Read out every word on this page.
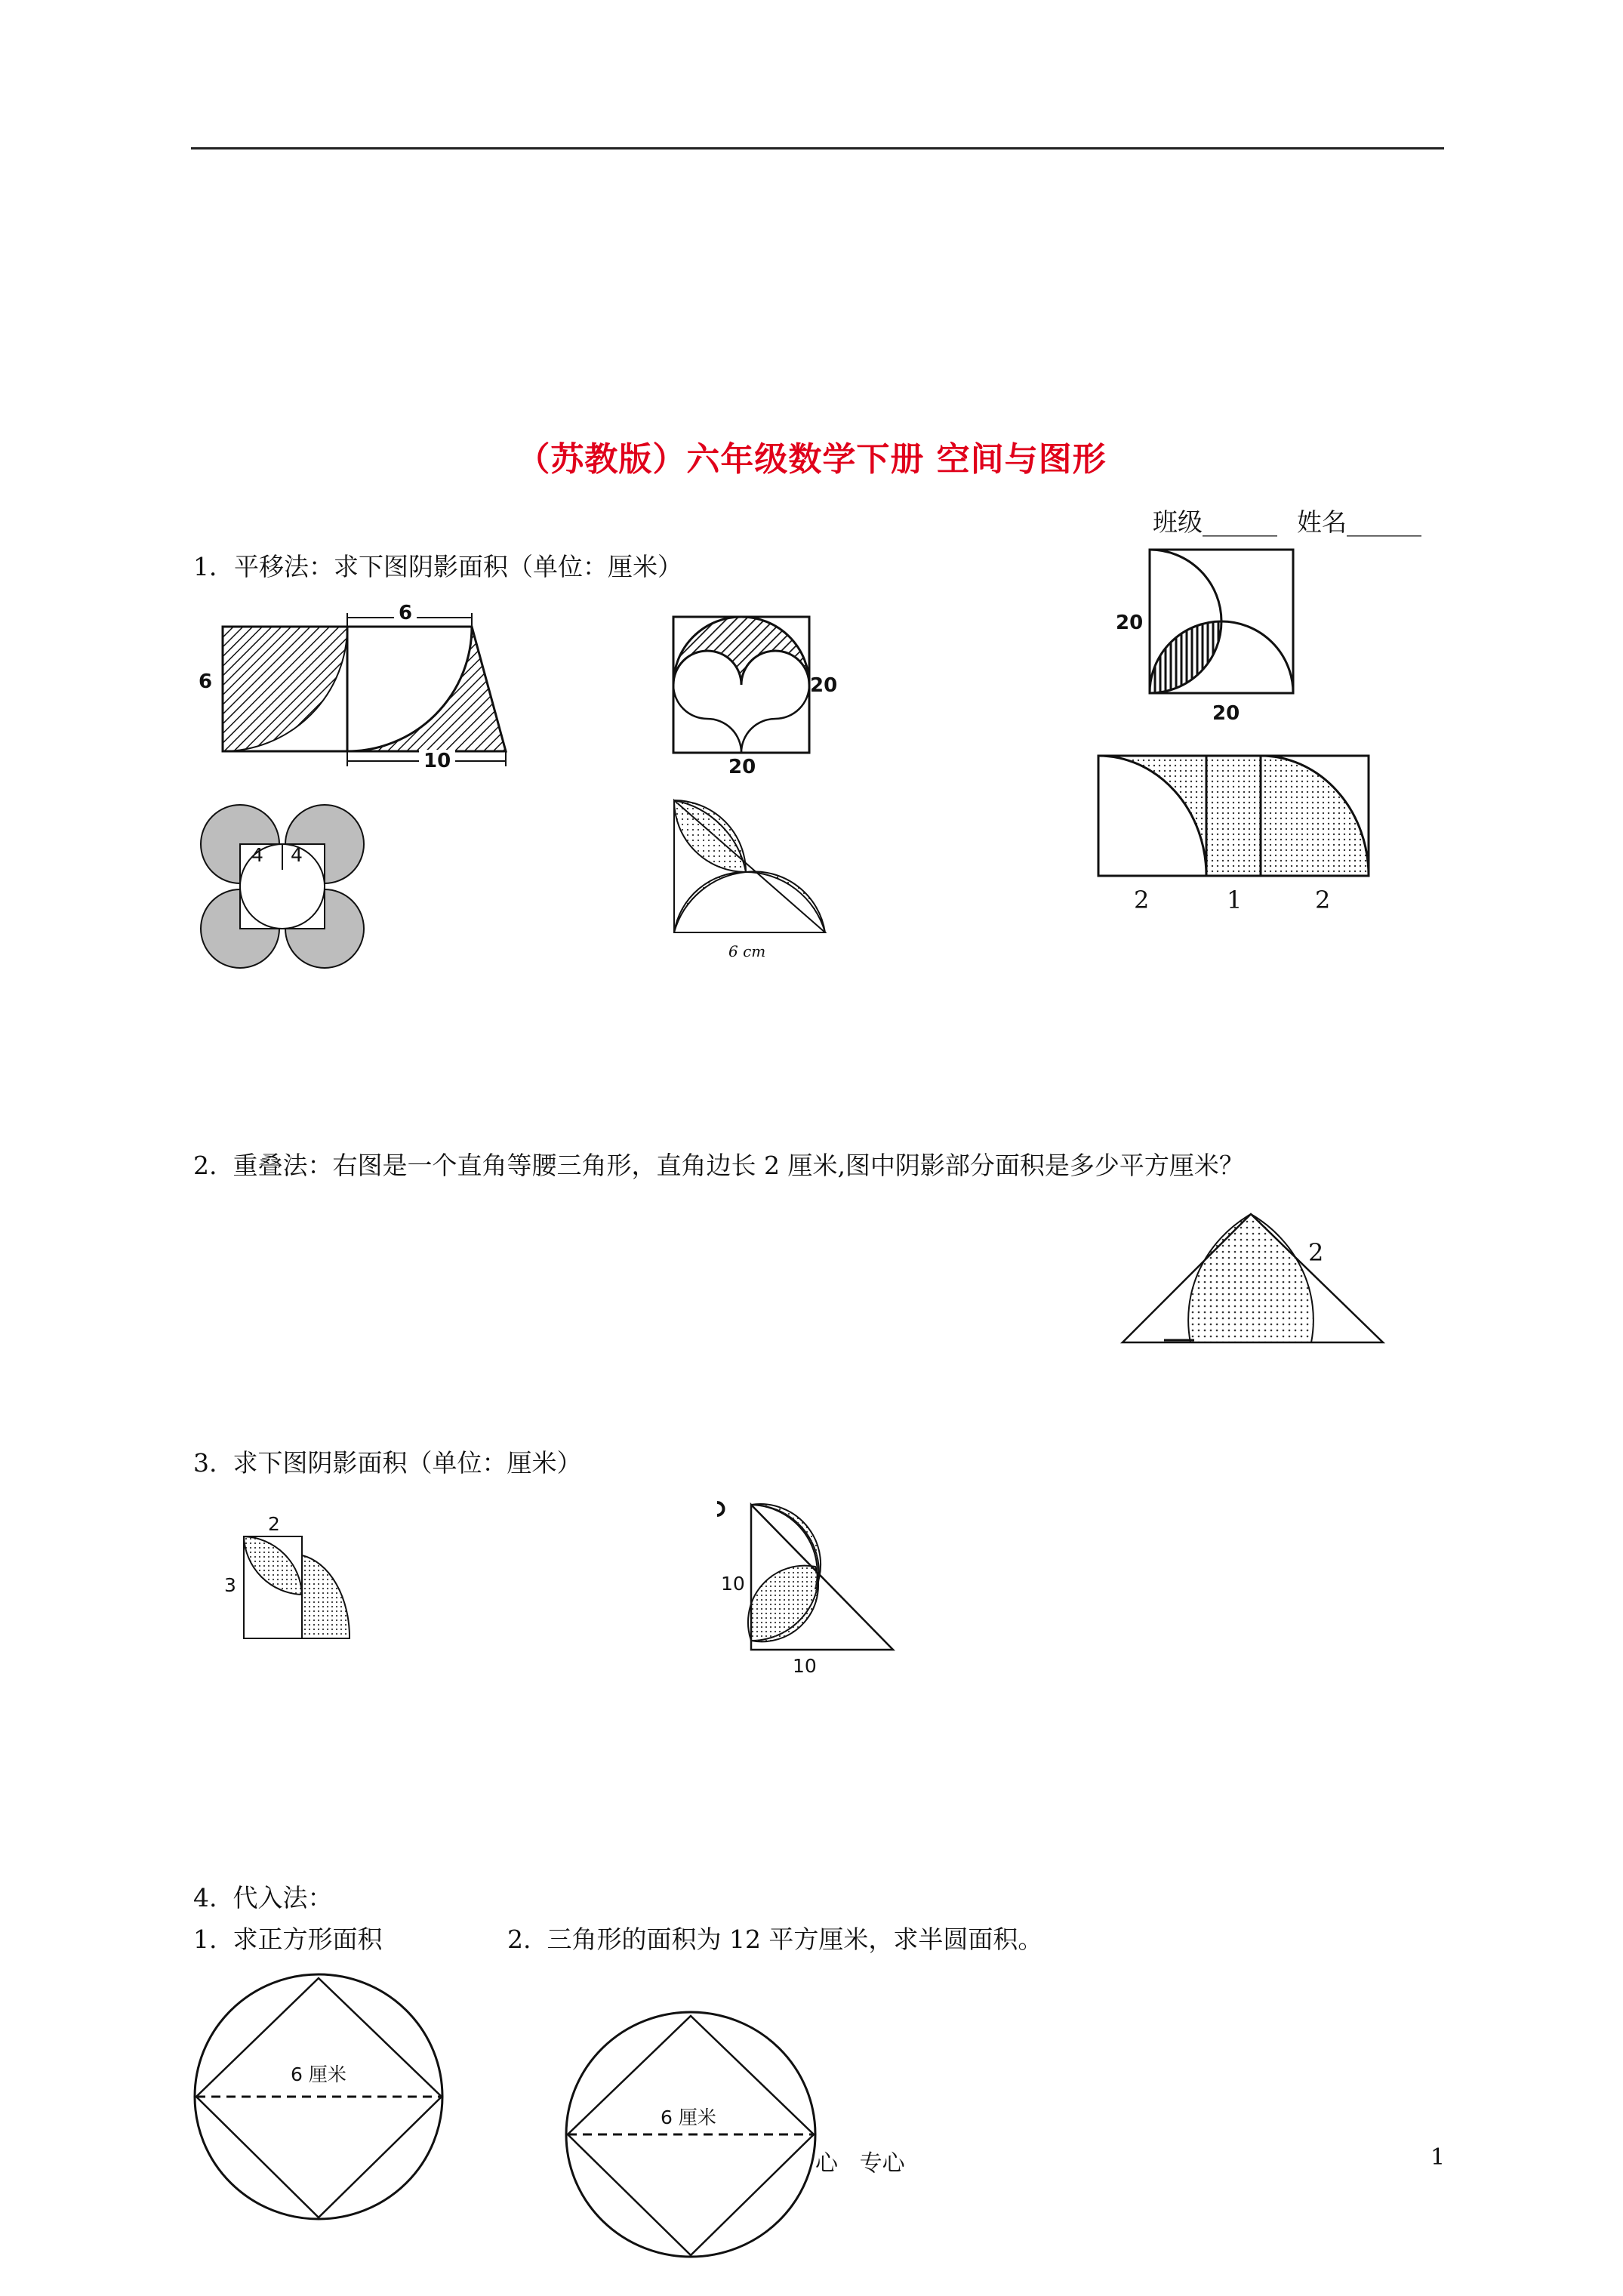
（苏教版）六年级数学下册 空间与图形
班级______ 姓名______
1．平移法：求下图阴影面积（单位：厘米）
6
6
10
20
20
20
20
4 4
6 cm
2	1	2
2.  重叠法：右图是一个直角等腰三角形，直角边长 2 厘米,图中阴影部分面积是多少平方厘米？
2
3.  求下图阴影面积（单位：厘米）
2
3	10
10
4.  代入法：
1.  求正方形面积	2.  三角形的面积为 12 平方厘米，求半圆面积。
6 厘米
6 厘米
心   专心	1
